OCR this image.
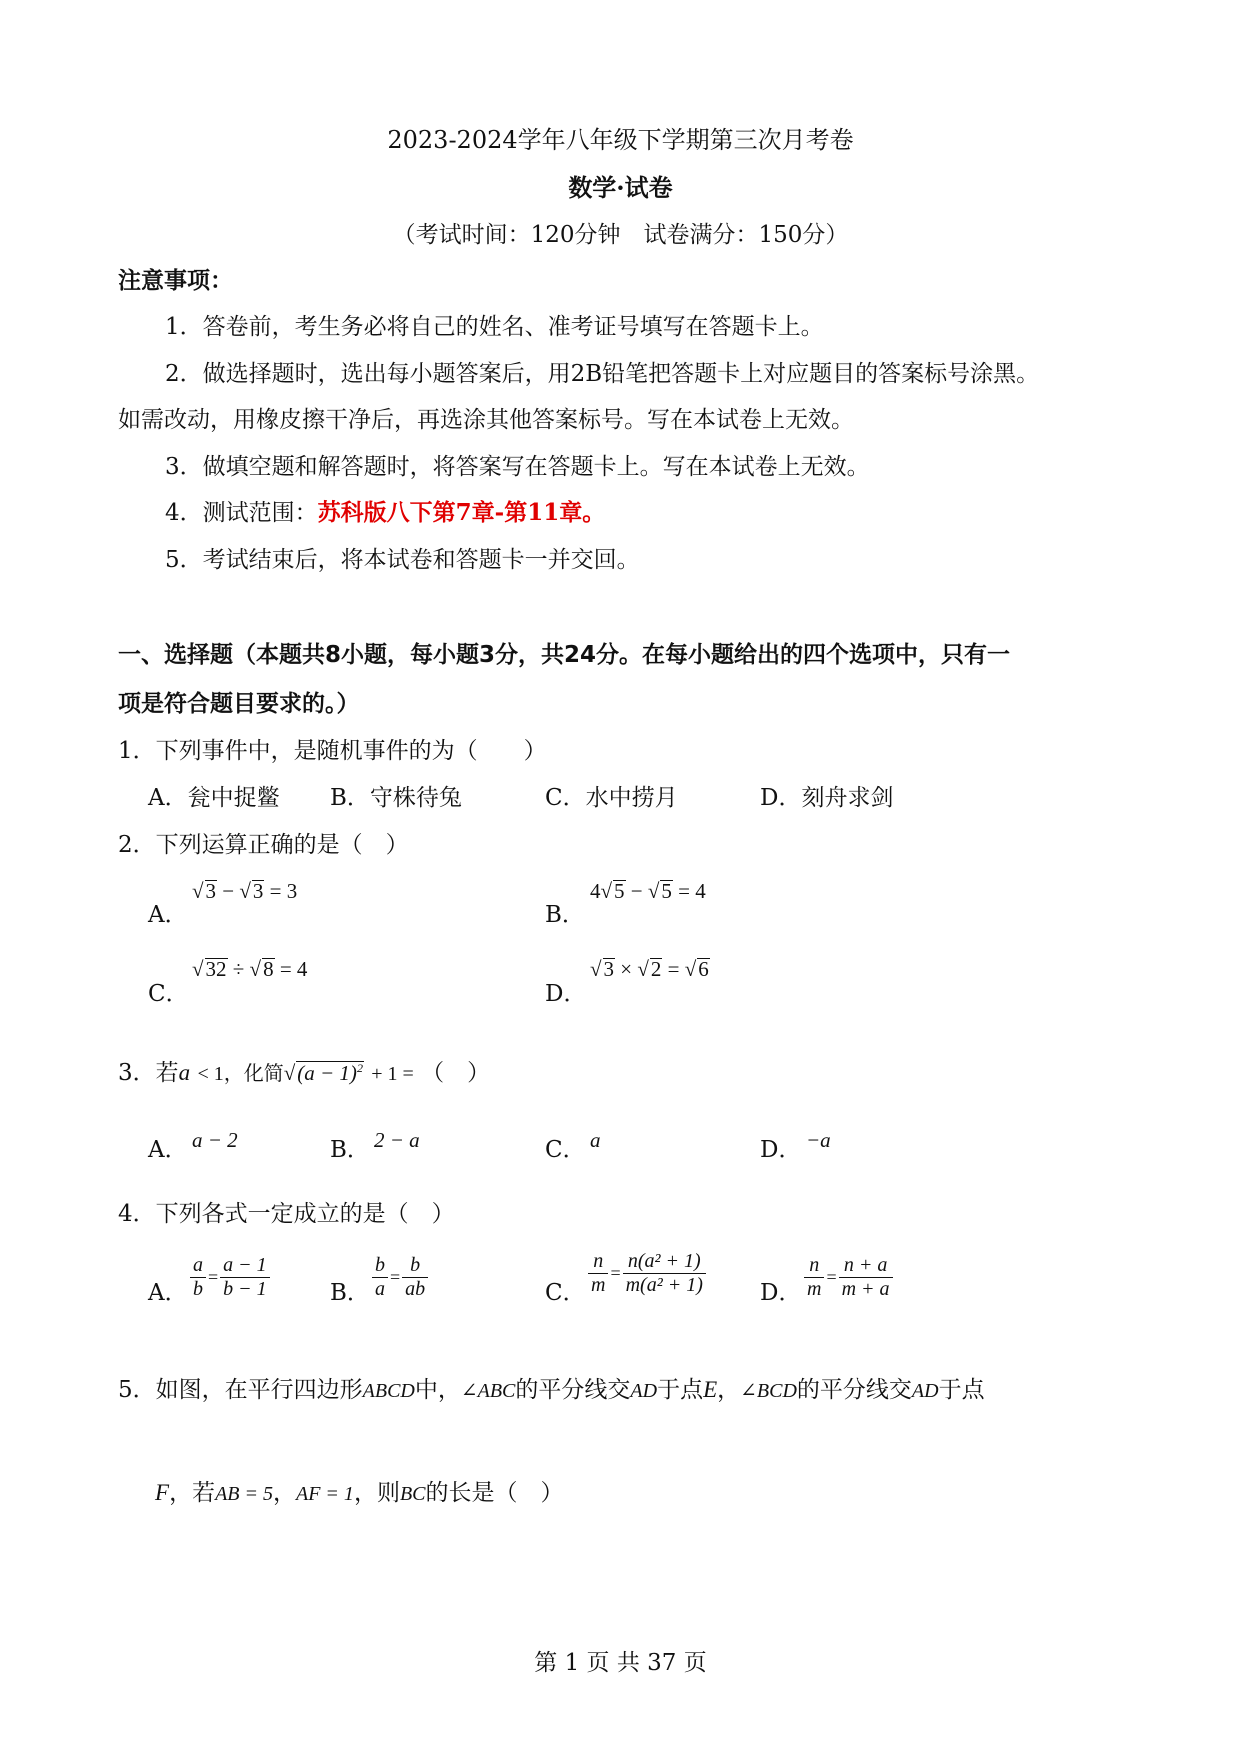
2023-2024学年八年级下学期第三次月考卷
数学·试卷
（考试时间：120分钟　试卷满分：150分）
注意事项：
1．答卷前，考生务必将自己的姓名、准考证号填写在答题卡上。
2．做选择题时，选出每小题答案后，用2B铅笔把答题卡上对应题目的答案标号涂黑。
如需改动，用橡皮擦干净后，再选涂其他答案标号。写在本试卷上无效。
3．做填空题和解答题时，将答案写在答题卡上。写在本试卷上无效。
4．测试范围：苏科版八下第7章-第11章。
5．考试结束后，将本试卷和答题卡一并交回。
一、选择题（本题共8小题，每小题3分，共24分。在每小题给出的四个选项中，只有一
项是符合题目要求的。）
1．下列事件中，是随机事件的为（　　）
A．瓮中捉鳖 B．守株待兔	C．水中捞月	D．刻舟求剑
2．下列运算正确的是（　）
A．
√3 − √3 = 3
B．
4√5 − √5 = 4
C．
√32 ÷ √8 = 4
D．
√3 × √2 = √6
3．若a < 1，化简$√(a - 1)^2 + 1$ = （　）
A． a − 2	B． 2 − a	C． a	D． −a
4．下列各式一定成立的是（　）
A． $\frac{a}{b} = \frac{a - 1}{b - 1}$	B． $\frac{b}{a} = \frac{b}{ab}$	C． $\frac{n}{m} = \frac{\text{n(a² + 1)}}{\text{m(a² + 1)}}$ D． $\frac{n}{m} = \frac{n + a}{m + a}$
5．如图，在平行四边形ABCD中，∠ABC的平分线交AD于点E，∠BCD的平分线交AD于点
F，若AB = 5，AF = 1，则BC的长是（　）
第 1 页 共 37 页
